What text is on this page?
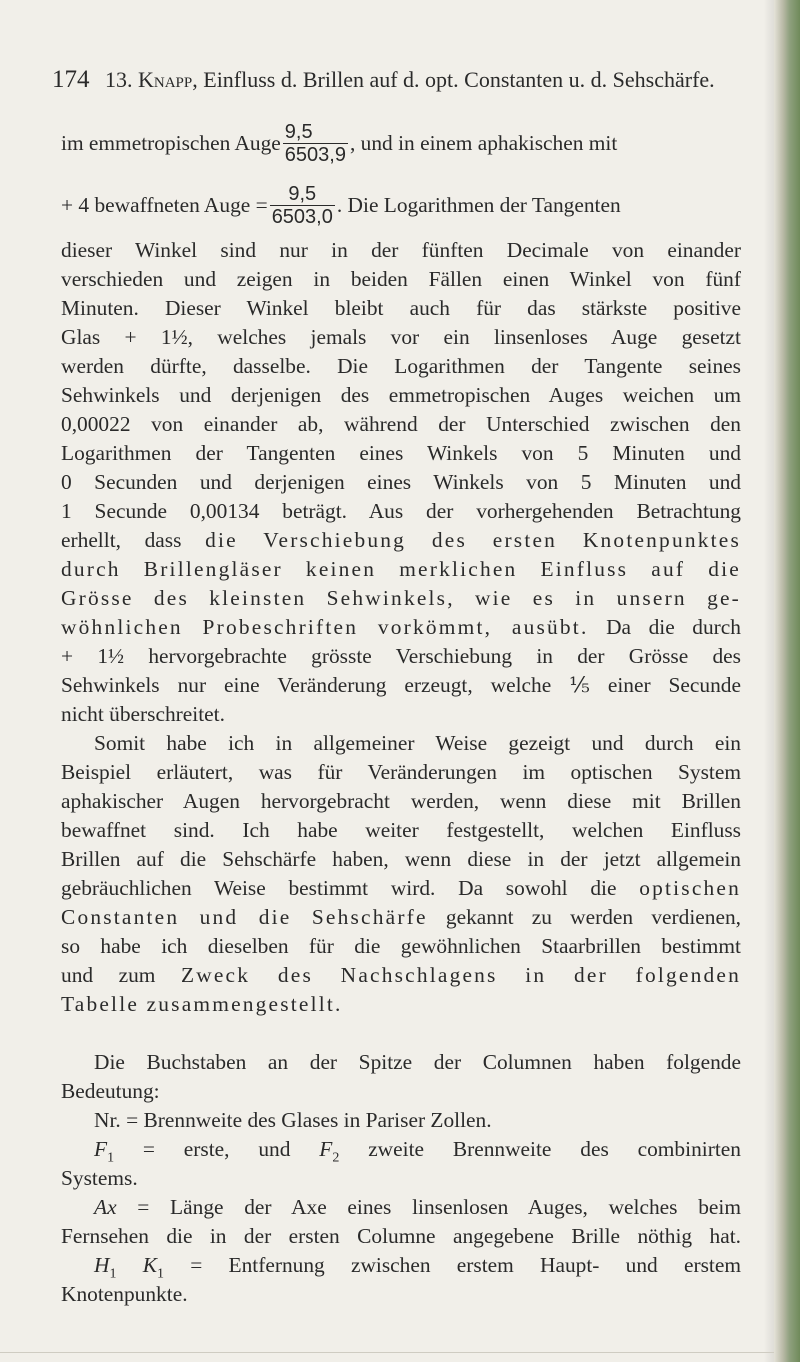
174 13. Knapp, Einfluss d. Brillen auf d. opt. Constanten u. d. Sehschärfe.
im emmetropischen Auge $\frac{9,5}{6503,9}$ , und in einem aphakischen mit
+ 4 bewaffneten Auge = $\frac{9,5}{6503,0}$ . Die Logarithmen der Tangenten
dieser Winkel sind nur in der fünften Decimale von einander
verschieden und zeigen in beiden Fällen einen Winkel von fünf
Minuten. Dieser Winkel bleibt auch für das stärkste positive
Glas + 1½, welches jemals vor ein linsenloses Auge gesetzt
werden dürfte, dasselbe. Die Logarithmen der Tangente seines
Sehwinkels und derjenigen des emmetropischen Auges weichen um
0,00022 von einander ab, während der Unterschied zwischen den
Logarithmen der Tangenten eines Winkels von 5 Minuten und
0 Secunden und derjenigen eines Winkels von 5 Minuten und
1 Secunde 0,00134 beträgt. Aus der vorhergehenden Betrachtung
erhellt, dass die Verschiebung des ersten Knotenpunktes
durch Brillengläser keinen merklichen Einfluss auf die
Grösse des kleinsten Sehwinkels, wie es in unsern ge-
wöhnlichen Probeschriften vorkömmt, ausübt. Da die durch
+ 1½ hervorgebrachte grösste Verschiebung in der Grösse des
Sehwinkels nur eine Veränderung erzeugt, welche ⅕ einer Secunde
nicht überschreitet.
Somit habe ich in allgemeiner Weise gezeigt und durch ein
Beispiel erläutert, was für Veränderungen im optischen System
aphakischer Augen hervorgebracht werden, wenn diese mit Brillen
bewaffnet sind. Ich habe weiter festgestellt, welchen Einfluss
Brillen auf die Sehschärfe haben, wenn diese in der jetzt allgemein
gebräuchlichen Weise bestimmt wird. Da sowohl die optischen
Constanten und die Sehschärfe gekannt zu werden verdienen,
so habe ich dieselben für die gewöhnlichen Staarbrillen bestimmt
und zum Zweck des Nachschlagens in der folgenden
Tabelle zusammengestellt.
Die Buchstaben an der Spitze der Columnen haben folgende
Bedeutung:
Nr. = Brennweite des Glases in Pariser Zollen.
$F_1$ = erste, und $F_2$ zweite Brennweite des combinirten
Systems.
Ax = Länge der Axe eines linsenlosen Auges, welches beim
Fernsehen die in der ersten Columne angegebene Brille nöthig hat.
$H_1$ $K_1$ = Entfernung zwischen erstem Haupt- und erstem
Knotenpunkte.
